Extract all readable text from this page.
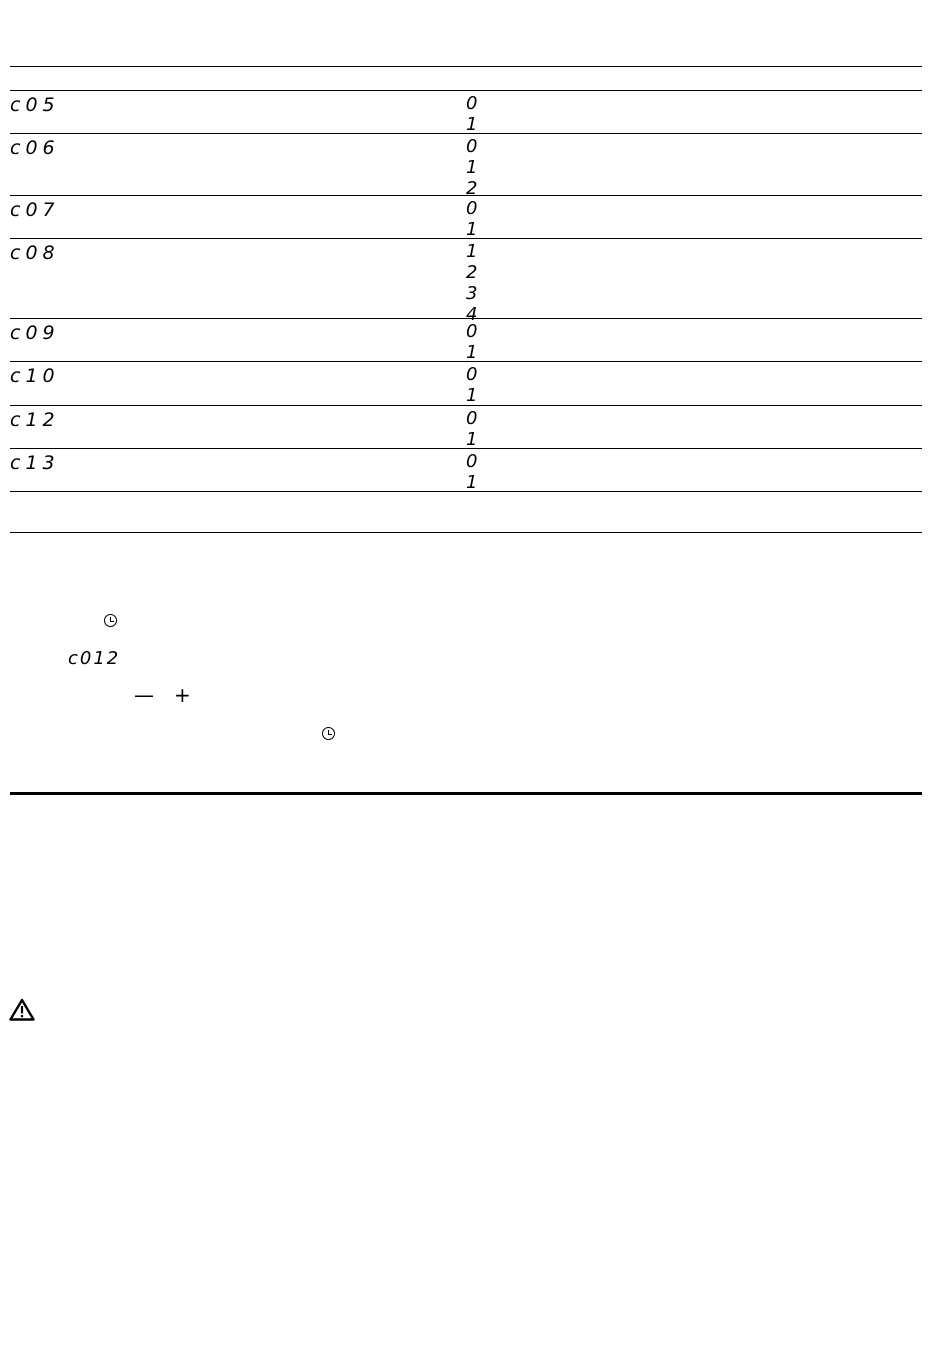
c05	0
1
c06	0
1
2
c07	0
1
c08	1
2
3
4
c09	0
1
c10	0
1
c12	0
1
c13	0
1
c012
— +
